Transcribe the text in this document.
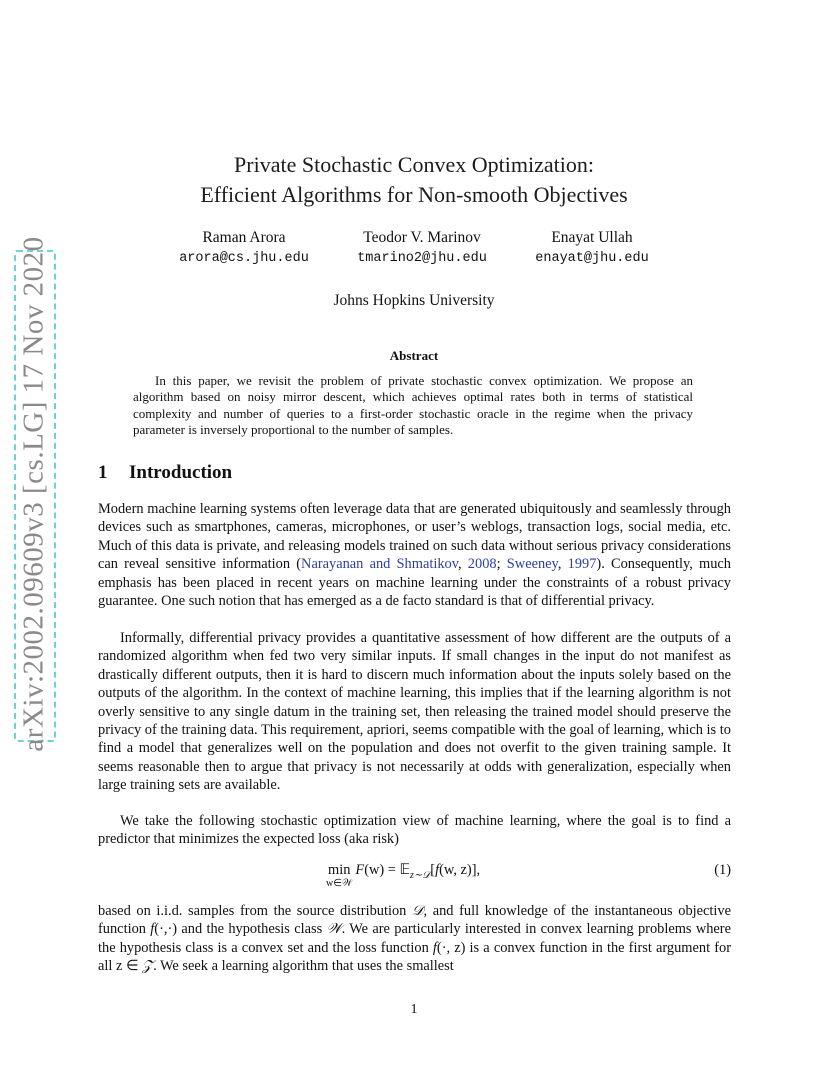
arXiv:2002.09609v3 [cs.LG] 17 Nov 2020
Private Stochastic Convex Optimization:
Efficient Algorithms for Non-smooth Objectives
Raman Arora
arora@cs.jhu.edu
Teodor V. Marinov
tmarino2@jhu.edu
Enayat Ullah
enayat@jhu.edu
Johns Hopkins University
Abstract
In this paper, we revisit the problem of private stochastic convex optimization. We propose an algorithm based on noisy mirror descent, which achieves optimal rates both in terms of statistical complexity and number of queries to a first-order stochastic oracle in the regime when the privacy parameter is inversely proportional to the number of samples.
1 Introduction
Modern machine learning systems often leverage data that are generated ubiquitously and seamlessly through devices such as smartphones, cameras, microphones, or user’s weblogs, transaction logs, social media, etc. Much of this data is private, and releasing models trained on such data without serious privacy considerations can reveal sensitive information (Narayanan and Shmatikov, 2008; Sweeney, 1997). Consequently, much emphasis has been placed in recent years on machine learning under the constraints of a robust privacy guarantee. One such notion that has emerged as a de facto standard is that of differential privacy.
Informally, differential privacy provides a quantitative assessment of how different are the outputs of a randomized algorithm when fed two very similar inputs. If small changes in the input do not manifest as drastically different outputs, then it is hard to discern much information about the inputs solely based on the outputs of the algorithm. In the context of machine learning, this implies that if the learning algorithm is not overly sensitive to any single datum in the training set, then releasing the trained model should preserve the privacy of the training data. This requirement, apriori, seems compatible with the goal of learning, which is to find a model that generalizes well on the population and does not overfit to the given training sample. It seems reasonable then to argue that privacy is not necessarily at odds with generalization, especially when large training sets are available.
We take the following stochastic optimization view of machine learning, where the goal is to find a predictor that minimizes the expected loss (aka risk)
min
w∈𝒲
F(w) = 𝔼$_{z\sim 𝒟}$[f(w, z)],	(1)
based on i.i.d. samples from the source distribution 𝒟, and full knowledge of the instantaneous objective function f(·,·) and the hypothesis class 𝒲. We are particularly interested in convex learning problems where the hypothesis class is a convex set and the loss function f(·, z) is a convex function in the first argument for all z ∈ 𝒵. We seek a learning algorithm that uses the smallest
1
